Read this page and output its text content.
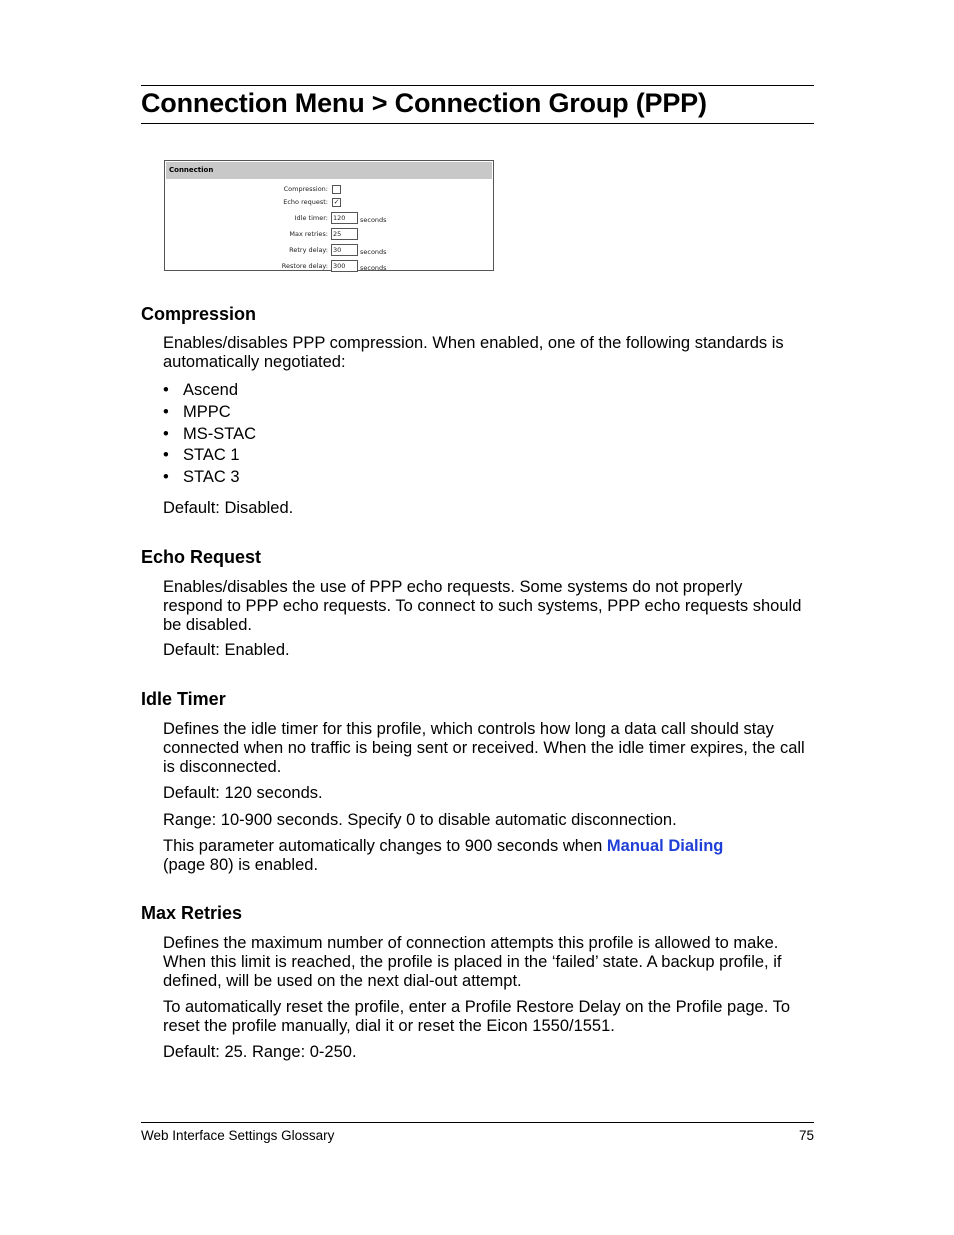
Connection Menu > Connection Group (PPP)
Connection
Compression:
Echo request: ✓
Idle timer: 120	seconds
Max retries: 25
Retry delay: 30	seconds
Restore delay: 300	seconds
Compression

Enables/disables PPP compression. When enabled, one of the following standards is automatically negotiated:

• Ascend
• MPPC
• MS-STAC
• STAC 1
• STAC 3

Default: Disabled.

Echo Request

Enables/disables the use of PPP echo requests. Some systems do not properly respond to PPP echo requests. To connect to such systems, PPP echo requests should be disabled.

Default: Enabled.

Idle Timer

Defines the idle timer for this profile, which controls how long a data call should stay connected when no traffic is being sent or received. When the idle timer expires, the call is disconnected.

Default: 120 seconds.

Range: 10-900 seconds. Specify 0 to disable automatic disconnection.

This parameter automatically changes to 900 seconds when Manual Dialing
(page 80) is enabled.

Max Retries

Defines the maximum number of connection attempts this profile is allowed to make. When this limit is reached, the profile is placed in the ‘failed’ state. A backup profile, if defined, will be used on the next dial-out attempt.

To automatically reset the profile, enter a Profile Restore Delay on the Profile page. To reset the profile manually, dial it or reset the Eicon 1550/1551.

Default: 25. Range: 0-250.

Web Interface Settings Glossary	75
